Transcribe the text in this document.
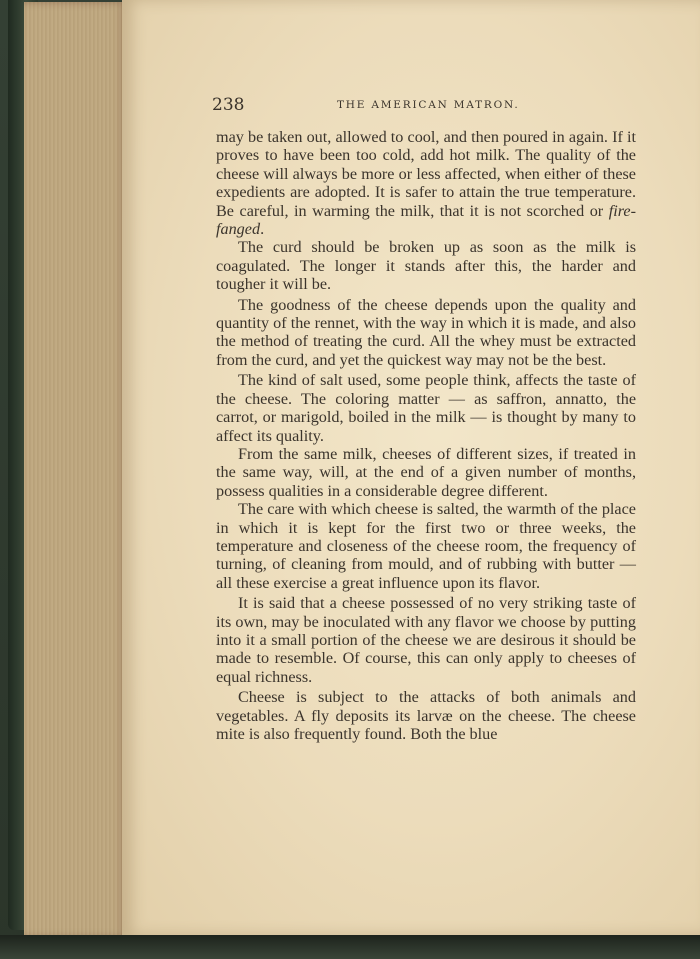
238	THE AMERICAN MATRON.

may be taken out, allowed to cool, and then poured in again. If it proves to have been too cold, add hot milk. The quality of the cheese will always be more or less affected, when either of these expedients are adopted. It is safer to attain the true temperature. Be careful, in warming the milk, that it is not scorched or fire-fanged.

The curd should be broken up as soon as the milk is coagulated. The longer it stands after this, the harder and tougher it will be.

The goodness of the cheese depends upon the quality and quantity of the rennet, with the way in which it is made, and also the method of treating the curd. All the whey must be extracted from the curd, and yet the quickest way may not be the best.

The kind of salt used, some people think, affects the taste of the cheese. The coloring matter — as saffron, annatto, the carrot, or marigold, boiled in the milk — is thought by many to affect its quality.

From the same milk, cheeses of different sizes, if treated in the same way, will, at the end of a given number of months, possess qualities in a considerable degree different.

The care with which cheese is salted, the warmth of the place in which it is kept for the first two or three weeks, the temperature and closeness of the cheese room, the frequency of turning, of cleaning from mould, and of rubbing with butter — all these exercise a great influence upon its flavor.

It is said that a cheese possessed of no very striking taste of its own, may be inoculated with any flavor we choose by putting into it a small portion of the cheese we are desirous it should be made to resemble. Of course, this can only apply to cheeses of equal richness.

Cheese is subject to the attacks of both animals and vegetables. A fly deposits its larvæ on the cheese. The cheese mite is also frequently found. Both the blue
